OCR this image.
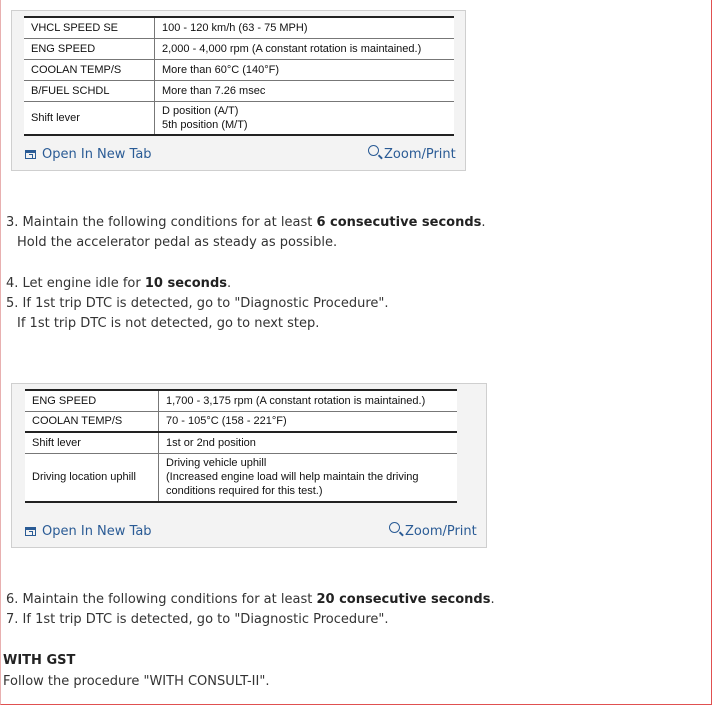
VHCL SPEED SE	100 - 120 km/h (63 - 75 MPH)
ENG SPEED	2,000 - 4,000 rpm (A constant rotation is maintained.)
COOLAN TEMP/S	More than 60°C (140°F)
B/FUEL SCHDL	More than 7.26 msec
Shift lever	D position (A/T)
5th position (M/T)
Open In New Tab	Zoom/Print
3. Maintain the following conditions for at least 6 consecutive seconds.
Hold the accelerator pedal as steady as possible.
4. Let engine idle for 10 seconds.
5. If 1st trip DTC is detected, go to "Diagnostic Procedure".
If 1st trip DTC is not detected, go to next step.
ENG SPEED	1,700 - 3,175 rpm (A constant rotation is maintained.)
COOLAN TEMP/S	70 - 105°C (158 - 221°F)
Shift lever	1st or 2nd position
Driving location uphill	Driving vehicle uphill
(Increased engine load will help maintain the driving
conditions required for this test.)
Open In New Tab	Zoom/Print
6. Maintain the following conditions for at least 20 consecutive seconds.
7. If 1st trip DTC is detected, go to "Diagnostic Procedure".
WITH GST
Follow the procedure "WITH CONSULT-II".
